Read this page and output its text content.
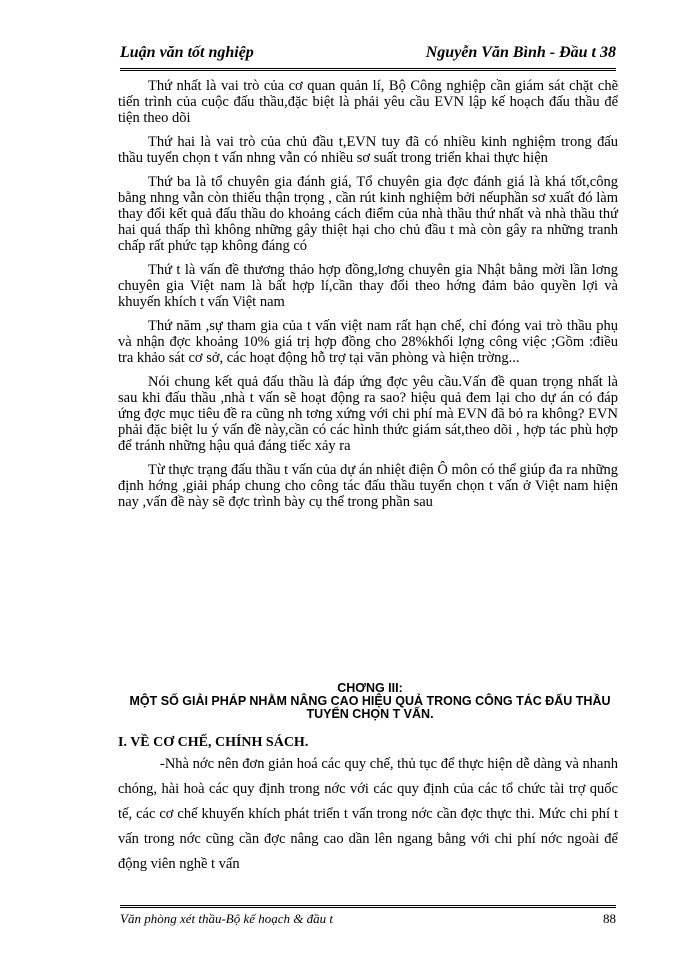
Luận văn tốt nghiệp	Nguyễn Văn Bình - Đầu t 38

Thứ nhất là vai trò của cơ quan quản lí, Bộ Công nghiệp cần giám sát chặt chẽ tiến trình của cuộc đấu thầu,đặc biệt là phải yêu cầu EVN lập kế hoạch đấu thầu để tiện theo dõi

Thứ hai là vai trò của chủ đầu t,EVN tuy đã có nhiều kinh nghiệm trong đấu thầu tuyển chọn t vấn nhng vẫn có nhiều sơ suất trong triển khai thực hiện

Thứ ba là tổ chuyên gia đánh giá, Tổ chuyên gia đợc đánh giá là khá tốt,công bằng nhng vẫn còn thiếu thận trọng , cần rút kinh nghiệm bởi nếuphần sơ xuất đó làm thay đổi kết quả đấu thầu do khoảng cách điểm của nhà thầu thứ nhất và nhà thầu thứ hai quá thấp thì không những gây thiệt hại cho chủ đầu t mà còn gây ra những tranh chấp rất phức tạp không đáng có

Thứ t là vấn đề thương thảo hợp đồng,lơng chuyên gia Nhật bằng mời lần lơng chuyên gia Việt nam là bất hợp lí,cần thay đổi theo hớng đảm bảo quyền lợi và khuyến khích t vấn Việt nam

Thứ năm ,sự tham gia của t vấn việt nam rất hạn chế, chỉ đóng vai trò thầu phụ và nhận đợc khoảng 10% giá trị hợp đồng cho 28%khối lợng công việc ;Gồm :điều tra khảo sát cơ sở, các hoạt động hỗ trợ tại văn phòng và hiện trờng...

Nói chung kết quả đấu thầu là đáp ứng đợc yêu cầu.Vấn đề quan trọng nhất là sau khi đấu thầu ,nhà t vấn sẽ hoạt động ra sao? hiệu quả đem lại cho dự án có đáp ứng đợc mục tiêu đề ra cũng nh tơng xứng với chi phí mà EVN đã bỏ ra không? EVN phải đặc biệt lu ý vấn đề này,cần có các hình thức giám sát,theo dõi , hợp tác phù hợp để tránh những hậu quả đáng tiếc xảy ra

Từ thực trạng đấu thầu t vấn của dự án nhiệt điện Ô môn có thể giúp đa ra những định hớng ,giải pháp chung cho công tác đấu thầu tuyển chọn t vấn ở Việt nam hiện nay ,vấn đề này sẽ đợc trình bày cụ thể trong phần sau

CHƠNG III:
MỘT SỐ GIẢI PHÁP NHẰM NÂNG CAO HIỆU QUẢ TRONG CÔNG TÁC ĐẤU THẦU
TUYỂN CHỌN T VẤN.
I. VỀ CƠ CHẾ, CHÍNH SÁCH.

-Nhà nớc nên đơn giản hoá các quy chế, thủ tục để thực hiện dễ dàng và nhanh chóng, hài hoà các quy định trong nớc với các quy định của các tổ chức tài trợ quốc tế, các cơ chế khuyến khích phát triển t vấn trong nớc cần đợc thực thi. Mức chi phí t vấn trong nớc cũng cần đợc nâng cao dần lên ngang bằng với chi phí nớc ngoài để động viên nghề t vấn

Văn phòng xét thầu-Bộ kế hoạch & đầu t	88
